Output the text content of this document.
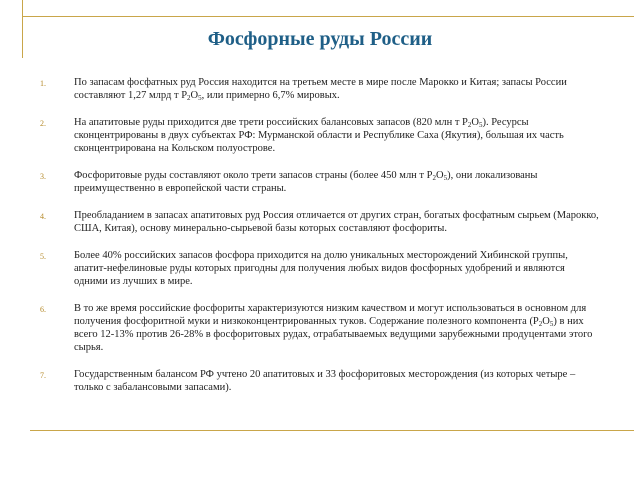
Фосфорные руды России
1.	По запасам фосфатных руд Россия находится на третьем месте в мире после Марокко и Китая; запасы России составляют 1,27 млрд т $P_2O_5$, или примерно 6,7% мировых.
2.	На апатитовые руды приходится две трети российских балансовых запасов (820 млн т $P_2O_5$). Ресурсы сконцентрированы в двух субъектах РФ: Мурманской области и Республике Саха (Якутия), большая их часть сконцентрирована на Кольском полуострове.
3.	Фосфоритовые руды составляют около трети запасов страны (более 450 млн т $P_2O_5$), они локализованы преимущественно в европейской части страны.
4.	Преобладанием в запасах апатитовых руд Россия отличается от других стран, богатых фосфатным сырьем (Марокко, США, Китая), основу минерально-сырьевой базы которых составляют фосфориты.
5.	Более 40% российских запасов фосфора приходится на долю уникальных месторождений Хибинской группы, апатит-нефелиновые руды которых пригодны для получения любых видов фосфорных удобрений и являются одними из лучших в мире.
6.	В то же время российские фосфориты характеризуются низким качеством и могут использоваться в основном для получения фосфоритной муки и низкоконцентрированных туков. Содержание полезного компонента $(P_2O_5)$ в них всего 12-13% против 26-28% в фосфоритовых рудах, отрабатываемых ведущими зарубежными продуцентами этого сырья.
7.	Государственным балансом РФ учтено 20 апатитовых и 33 фосфоритовых месторождения (из которых четыре – только с забалансовыми запасами).
